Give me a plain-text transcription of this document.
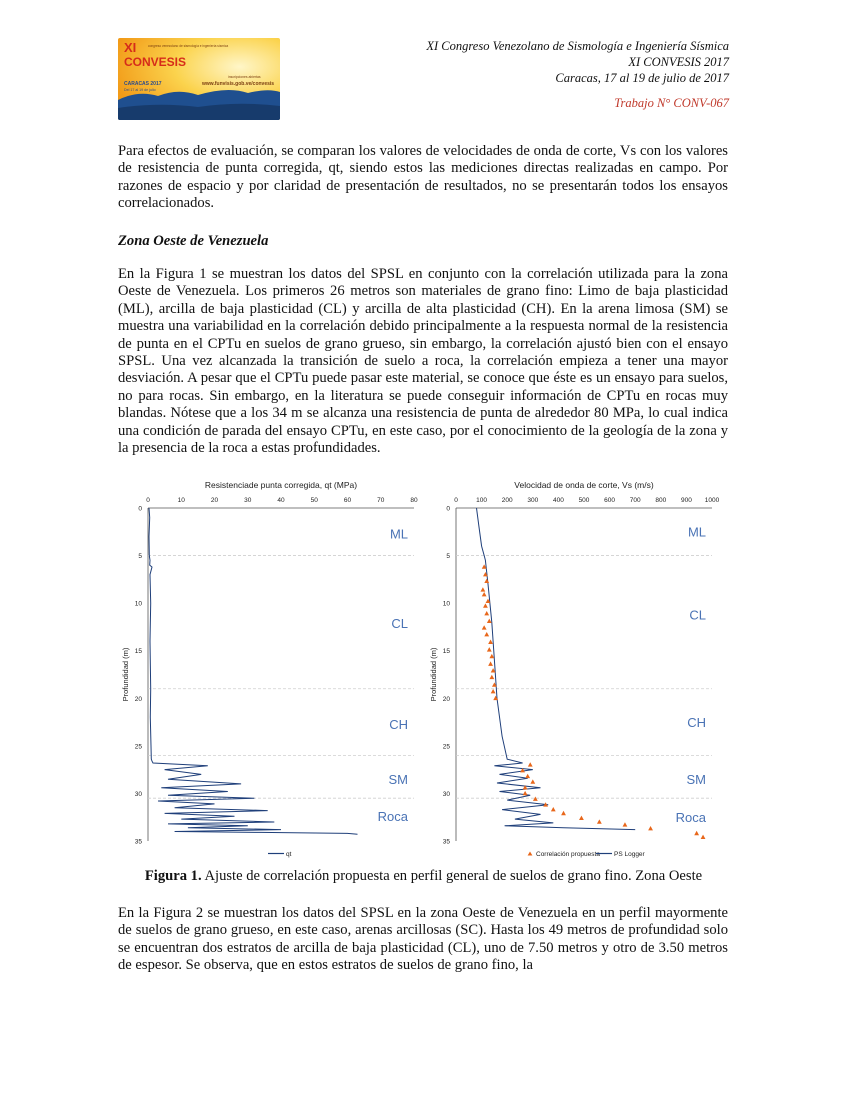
XI
CONVESIS
congreso venezolano de sismología e ingeniería sísmica
CARACAS 2017
Del 17 al 19 de julio
inscripciones abiertas
www.funvisis.gob.ve/convesis
XI Congreso Venezolano de Sismología e Ingeniería Sísmica
XI CONVESIS 2017
Caracas, 17 al 19 de julio de 2017
Trabajo N° CONV-067

Para efectos de evaluación, se comparan los valores de velocidades de onda de corte, Vs con los valores de resistencia de punta corregida, qt, siendo estos las mediciones directas realizadas en campo. Por razones de espacio y por claridad de presentación de resultados, no se presentarán todos los ensayos correlacionados.

Zona Oeste de Venezuela

En la Figura 1 se muestran los datos del SPSL en conjunto con la correlación utilizada para la zona Oeste de Venezuela. Los primeros 26 metros son materiales de grano fino: Limo de baja plasticidad (ML), arcilla de baja plasticidad (CL) y arcilla de alta plasticidad (CH). En la arena limosa (SM) se muestra una variabilidad en la correlación debido principalmente a la respuesta normal de la resistencia de punta en el CPTu en suelos de grano grueso, sin embargo, la correlación ajustó bien con el ensayo SPSL. Una vez alcanzada la transición de suelo a roca, la correlación empieza a tener una mayor desviación. A pesar que el CPTu puede pasar este material, se conoce que éste es un ensayo para suelos, no para rocas. Sin embargo, en la literatura se puede conseguir información de CPTu en rocas muy blandas. Nótese que a los 34 m se alcanza una resistencia de punta de alrededor 80 MPa, lo cual indica una condición de parada del ensayo CPTu, en este caso, por el conocimiento de la geología de la zona y la presencia de la roca a estas profundidades.

Resistenciade punta corregida, qt (MPa)
0	10	20	30	40	50	60	70	80
0
5
10
15
20
25
30
35
Profundidad (m)
ML
CL
CH
SM
Roca
qt
Velocidad de onda de corte, Vs (m/s)
0	100 200 300 400 500 600 700 800 900 1000
0
5
10
15
20
25
30
35
Profundidad (m)
ML
CL
CH
SM
Roca
Correlación propuesta PS Logger
Figura 1. Ajuste de correlación propuesta en perfil general de suelos de grano fino. Zona Oeste

En la Figura 2 se muestran los datos del SPSL en la zona Oeste de Venezuela en un perfil mayormente de suelos de grano grueso, en este caso, arenas arcillosas (SC). Hasta los 49 metros de profundidad solo se encuentran dos estratos de arcilla de baja plasticidad (CL), uno de 7.50 metros y otro de 3.50 metros de espesor. Se observa, que en estos estratos de suelos de grano fino, la
